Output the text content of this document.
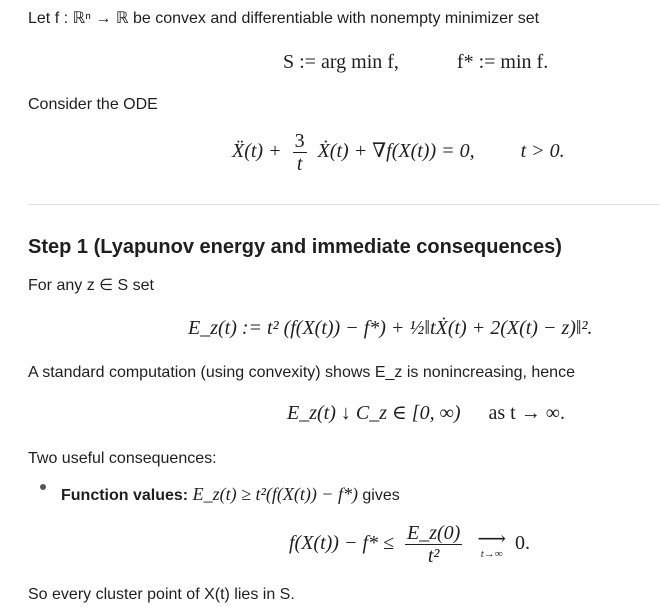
Let f : ℝⁿ → ℝ be convex and differentiable with nonempty minimizer set
S := arg min f,	f* := min f.
Consider the ODE
Ẍ(t) + $\frac{3}{t}$ Ẋ(t) + ∇f(X(t)) = 0, t > 0.
Step 1 (Lyapunov energy and immediate consequences)
For any z ∈ S set
E_z(t) := t² (f(X(t)) − f*) + ½‖tẊ(t) + 2(X(t) − z)‖².
A standard computation (using convexity) shows E_z is nonincreasing, hence
E_z(t) ↓ C_z ∈ [0, ∞) as t → ∞.
Two useful consequences:
Function values: E_z(t) ≥ t²(f(X(t)) − f*) gives
$f(X(t)) - f* \le \frac{E\_z(0)}{\text{t²}}$
⟶
t→∞ 0.
So every cluster point of X(t) lies in S.
